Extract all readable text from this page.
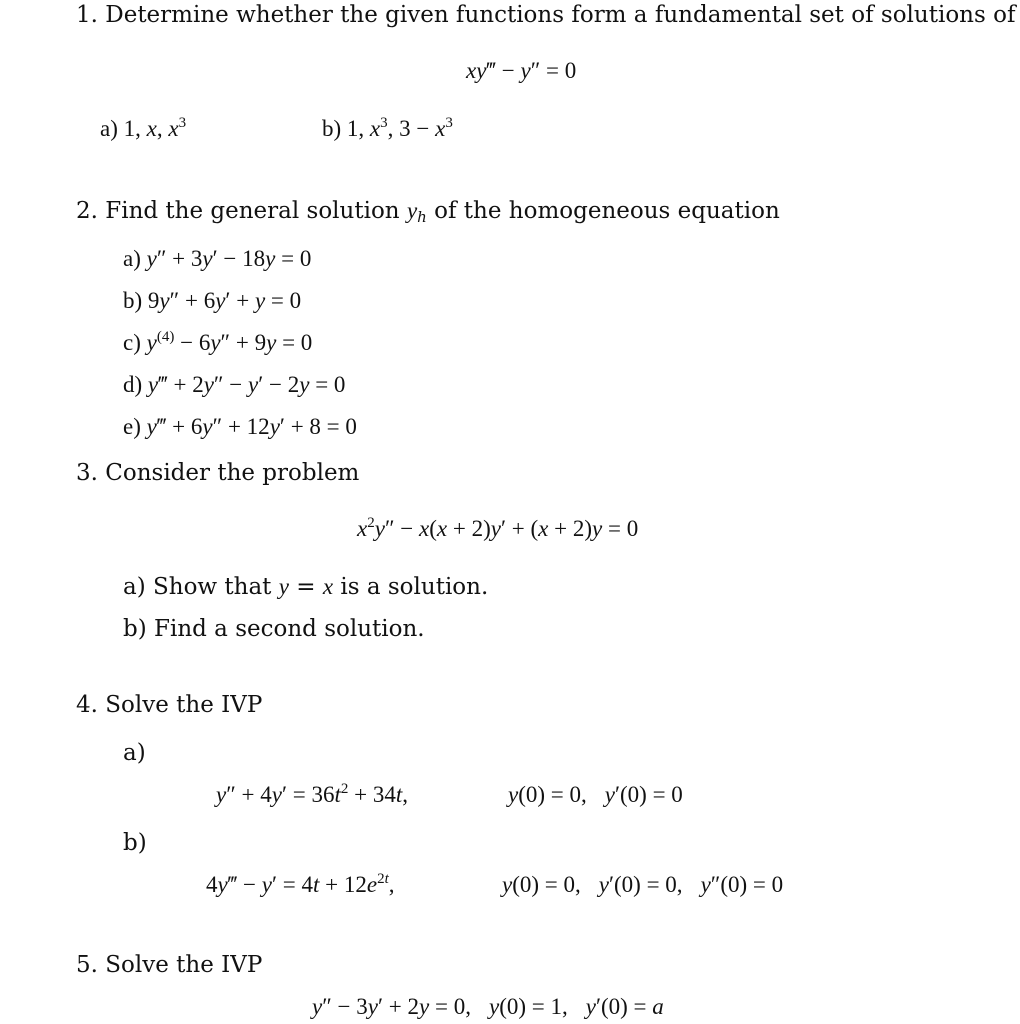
1. Determine whether the given functions form a fundamental set of solutions of
xy‴ − y″ = 0
a) 1, x, $x^3$	b) 1, $x^3$, $3 - x^3$
2. Find the general solution $y_h$ of the homogeneous equation
a) y″ + 3y′ − 18y = 0
b) 9y″ + 6y′ + y = 0
c) $y^{(4)} - 6y'' + 9y = 0$
d) y‴ + 2y″ − y′ − 2y = 0
e) y‴ + 6y″ + 12y′ + 8 = 0
3. Consider the problem
$x^2y'' - x(x + 2)y' + (x + 2)y = 0$
a) Show that y = x is a solution.
b) Find a second solution.
4. Solve the IVP
a)
$y'' + 4y' = 36t^2 + 34t$,	y(0) = 0, y′(0) = 0
b)
4y‴ − $y' = 4t + 12e^{2t}$,	y(0) = 0, y′(0) = 0, y″(0) = 0
5. Solve the IVP
y″ − 3y′ + 2y = 0, y(0) = 1, y′(0) = a
